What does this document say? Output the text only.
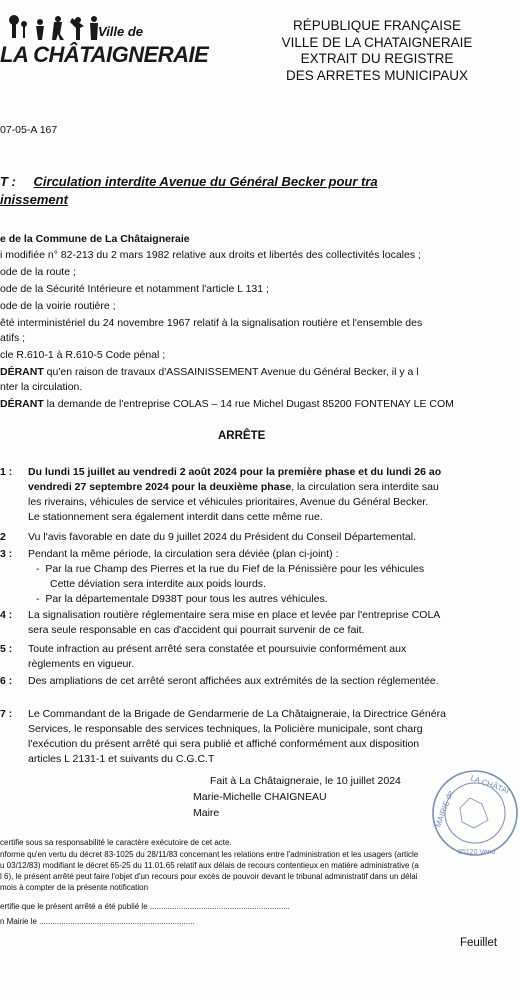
Ville de
LA CHÂTAIGNERAIE
RÉPUBLIQUE FRANÇAISE
VILLE DE LA CHATAIGNERAIE
EXTRAIT DU REGISTRE
DES ARRETES MUNICIPAUX
07-05-A 167
T : Circulation interdite Avenue du Général Becker pour tra
inissement
e de la Commune de La Châtaigneraie
i modifiée n° 82-213 du 2 mars 1982 relative aux droits et libertés des collectivités locales ;
ode de la route ;
ode de la Sécurité Intérieure et notamment l'article L 131 ;
ode de la voirie routière ;
êté interministériel du 24 novembre 1967 relatif à la signalisation routière et l'ensemble des
atifs ;
cle R.610-1 à R.610-5 Code pénal ;
DÉRANT qu'en raison de travaux d'ASSAINISSEMENT Avenue du Général Becker, il y a l
nter la circulation.
DÉRANT la demande de l'entreprise COLAS – 14 rue Michel Dugast 85200 FONTENAY LE COM
ARRÊTE
1 : Du lundi 15 juillet au vendredi 2 août 2024 pour la première phase et du lundi 26 ao
vendredi 27 septembre 2024 pour la deuxième phase, la circulation sera interdite sau
les riverains, véhicules de service et véhicules prioritaires, Avenue du Général Becker.
Le stationnement sera également interdit dans cette même rue.
2 Vu l'avis favorable en date du 9 juillet 2024 du Président du Conseil Départemental.
3 : Pendant la même période, la circulation sera déviée (plan ci-joint) :
-  Par la rue Champ des Pierres et la rue du Fief de la Pénissière pour les véhicules
Cette déviation sera interdite aux poids lourds.
-  Par la départementale D938T pour tous les autres véhicules.
4 : La signalisation routière réglementaire sera mise en place et levée par l'entreprise COLA
sera seule responsable en cas d'accident qui pourrait survenir de ce fait.
5 : Toute infraction au présent arrêté sera constatée et poursuivie conformément aux
règlements en vigueur.
6 : Des ampliations de cet arrêté seront affichées aux extrémités de la section réglementée.
7 : Le Commandant de la Brigade de Gendarmerie de La Châtaigneraie, la Directrice Généra
Services, le responsable des services techniques, la Policière municipale, sont charg
l'exécution du présent arrêté qui sera publié et affiché conformément aux disposition
articles L 2131-1 et suivants du C.G.C.T
Fait à La Châtaigneraie, le 10 juillet 2024
Marie-Michelle CHAIGNEAU
Maire	MAIRIE de
LA CHÂTAI
85120 Vend
certifie sous sa responsabilité le caractère exécutoire de cet acte.
nforme qu'en vertu du décret 83-1025 du 28/11/83 concernant les relations entre l'administration et les usagers (article
u 03/12/83) modifiant le décret 65-25 du 11.01.65 relatif aux délais de recours contentieux en matière administrative (a
l 6), le présent arrêté peut faire l'objet d'un recours pour excès de pouvoir devant le tribunal administratif dans un délai
mois à compter de la présente notification
ertifie que le présent arrêté a été publié le ...............................................................
n Mairie le ......................................................................
Feuillet
